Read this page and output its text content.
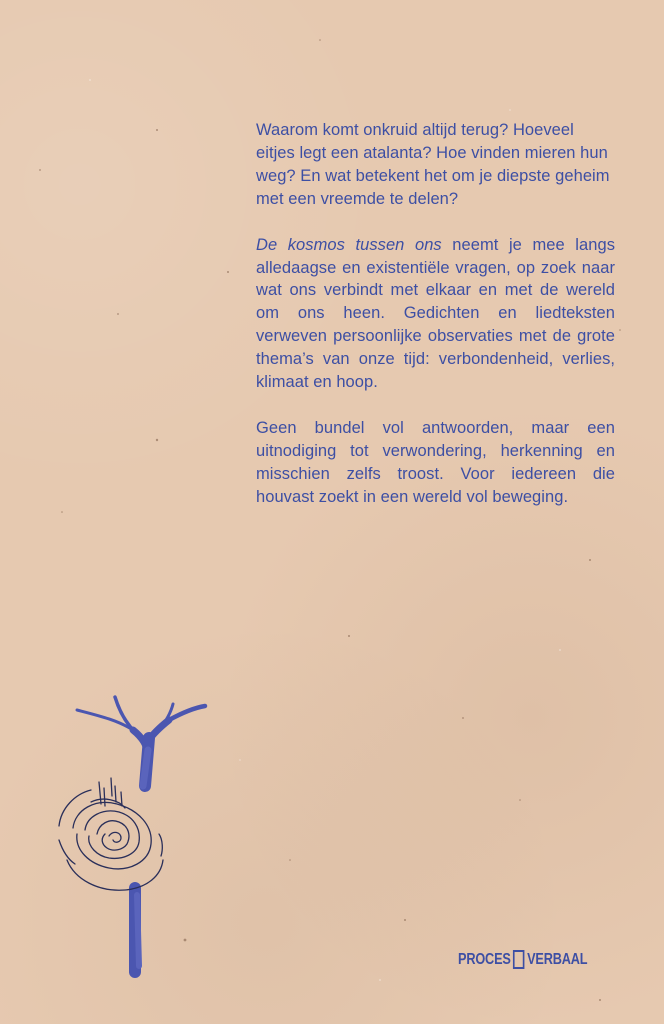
Waarom komt onkruid altijd terug? Hoeveel eitjes legt een atalanta? Hoe vinden mieren hun weg? En wat betekent het om je diepste geheim met een vreemde te delen?

De kosmos tussen ons neemt je mee langs alledaagse en existentiële vragen, op zoek naar wat ons verbindt met elkaar en met de wereld om ons heen. Gedichten en liedteksten verweven persoonlijke observaties met de grote thema’s van onze tijd: verbondenheid, verlies, klimaat en hoop.

Geen bundel vol antwoorden, maar een uitnodiging tot verwondering, herkenning en misschien zelfs troost. Voor iedereen die houvast zoekt in een wereld vol beweging.

PROCES VERBAAL
